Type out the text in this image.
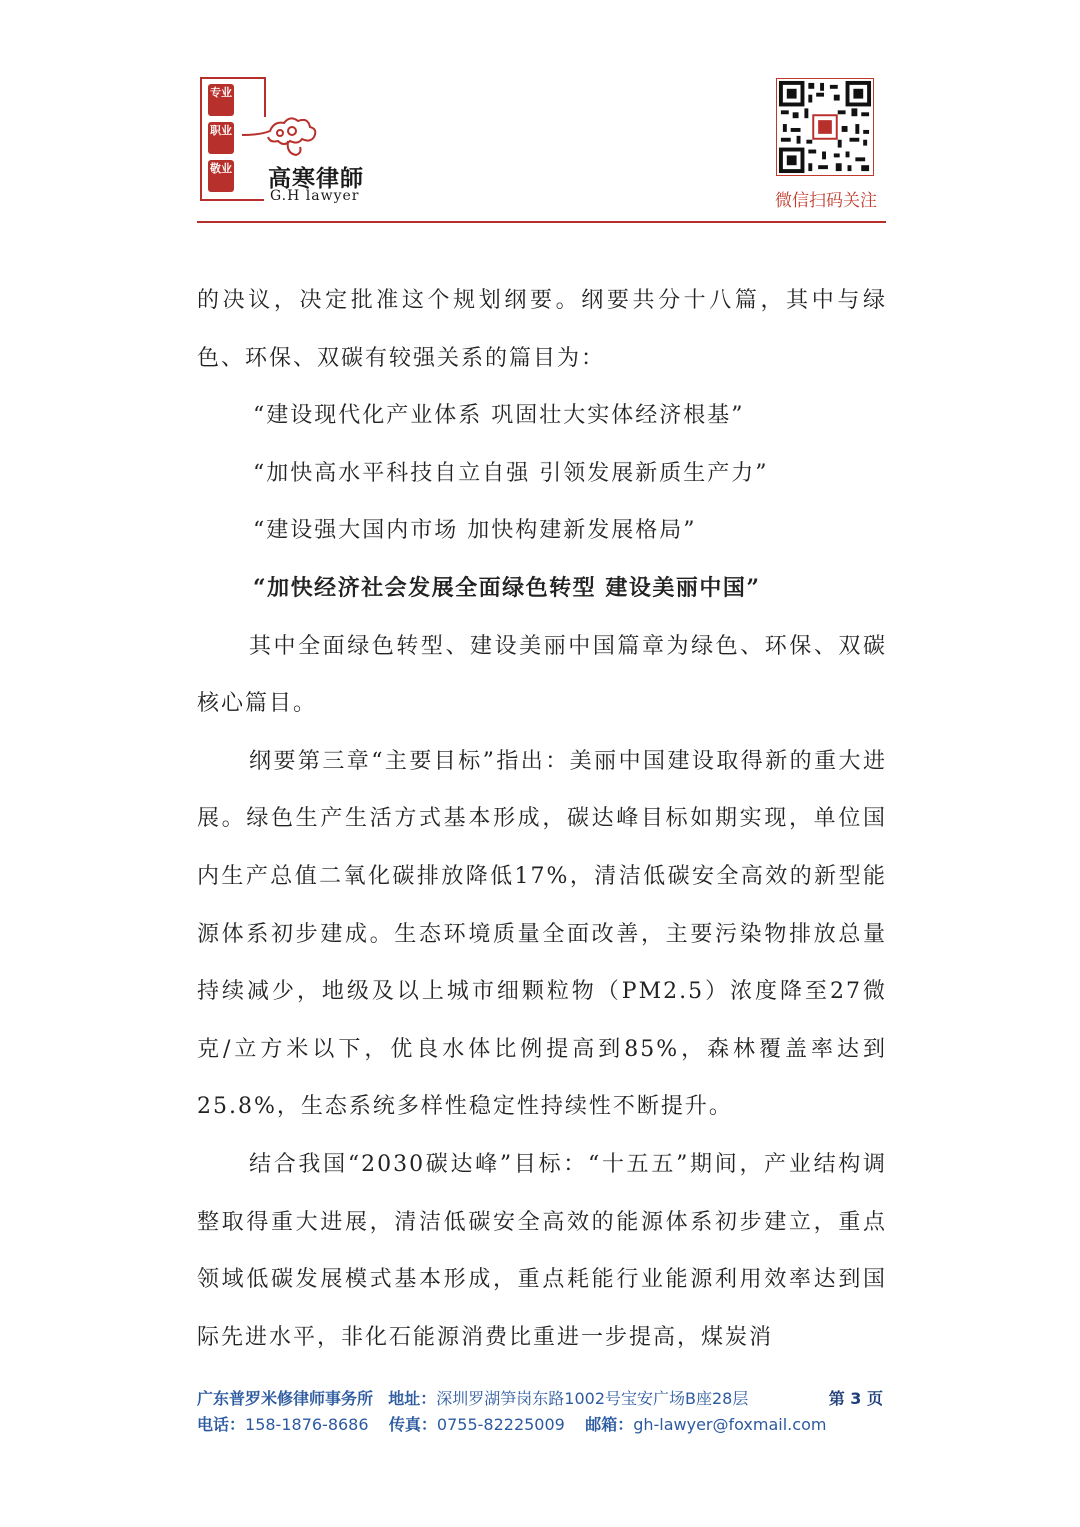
专业
职业
敬业 高寒律師
G.H lawyer	微信扫码关注

的决议，决定批准这个规划纲要。纲要共分十八篇，其中与绿色、环保、双碳有较强关系的篇目为：

“建设现代化产业体系 巩固壮大实体经济根基”

“加快高水平科技自立自强 引领发展新质生产力”

“建设强大国内市场 加快构建新发展格局”

“加快经济社会发展全面绿色转型 建设美丽中国”

其中全面绿色转型、建设美丽中国篇章为绿色、环保、双碳核心篇目。

纲要第三章“主要目标”指出：美丽中国建设取得新的重大进展。绿色生产生活方式基本形成，碳达峰目标如期实现，单位国内生产总值二氧化碳排放降低17%，清洁低碳安全高效的新型能源体系初步建成。生态环境质量全面改善，主要污染物排放总量持续减少，地级及以上城市细颗粒物（PM2.5）浓度降至27微克/立方米以下，优良水体比例提高到85%，森林覆盖率达到25.8%，生态系统多样性稳定性持续性不断提升。

结合我国“2030碳达峰”目标：“十五五”期间，产业结构调整取得重大进展，清洁低碳安全高效的能源体系初步建立，重点领域低碳发展模式基本形成，重点耗能行业能源利用效率达到国际先进水平，非化石能源消费比重进一步提高，煤炭消

广东普罗米修律师事务所 地址：深圳罗湖笋岗东路1002号宝安广场B座28层	第 3 页
电话：158-1876-8686 传真：0755-82225009 邮箱：gh-lawyer@foxmail.com
